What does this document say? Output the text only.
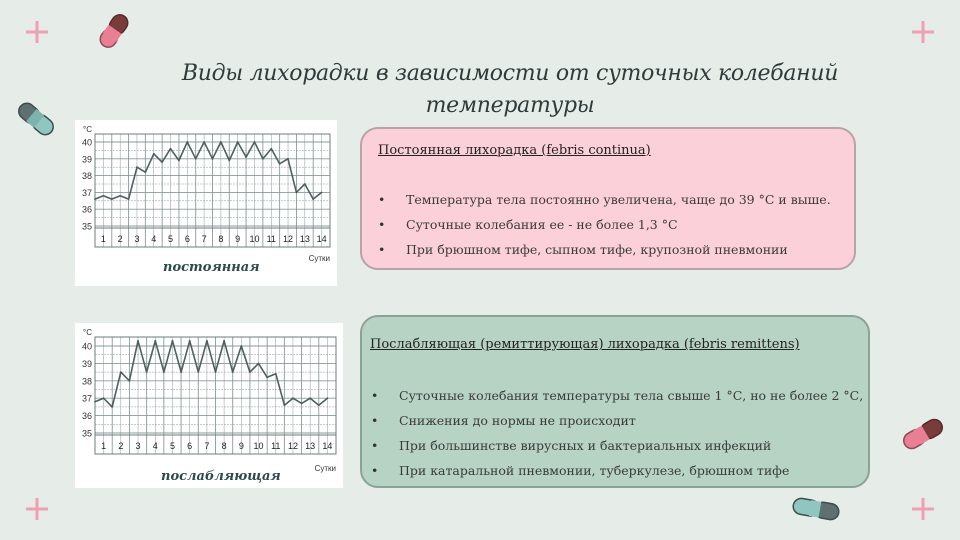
Виды лихорадки в зависимости от суточных колебаний температуры
35
36
37
38
39
40
°С
1 2 3 4 5 6 7 8 9 10 11 12 13 14
Сутки
постоянная
35
36
37
38
39
40
°С
1 2 3 4 5 6 7 8 9 10 11 12 13 14
Сутки
послабляющая
Постоянная лихорадка (febris continua)
• Температура тела постоянно увеличена, чаще до 39 °С и выше.
• Суточные колебания ее - не более 1,3 °С
• При брюшном тифе, сыпном тифе, крупозной пневмонии
Послабляющая (ремиттирующая) лихорадка (febris remittens)
• Суточные колебания температуры тела свыше 1 °С, но не более 2 °С,
• Снижения до нормы не происходит
• При большинстве вирусных и бактериальных инфекций
• При катаральной пневмонии, туберкулезе, брюшном тифе
